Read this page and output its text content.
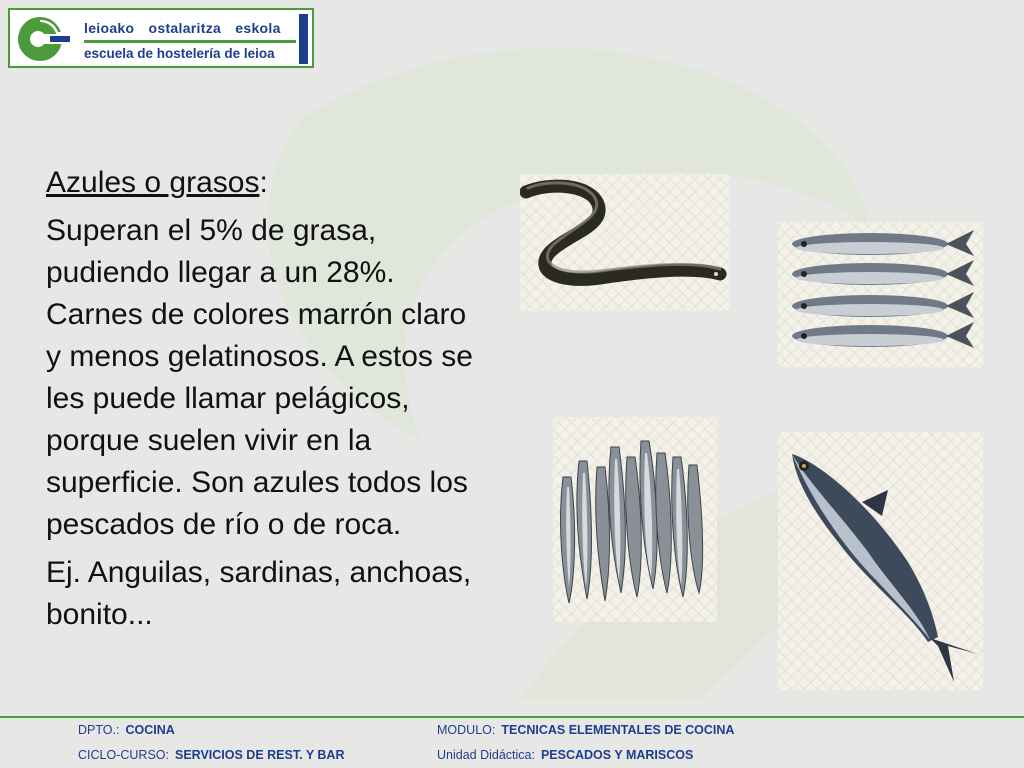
leioako ostalaritza eskola
escuela de hostelería de leioa

Azules o grasos:

Superan el 5% de grasa, pudiendo llegar a un 28%. Carnes de colores marrón claro y menos gelatinosos. A estos se les puede llamar pelágicos, porque suelen vivir en la superficie. Son azules todos los pescados de río o de roca.

Ej. Anguilas, sardinas, anchoas, bonito...

DPTO.: COCINA
CICLO-CURSO: SERVICIOS DE REST. Y BAR
MODULO: TECNICAS ELEMENTALES DE COCINA
Unidad Didáctica: PESCADOS Y MARISCOS
